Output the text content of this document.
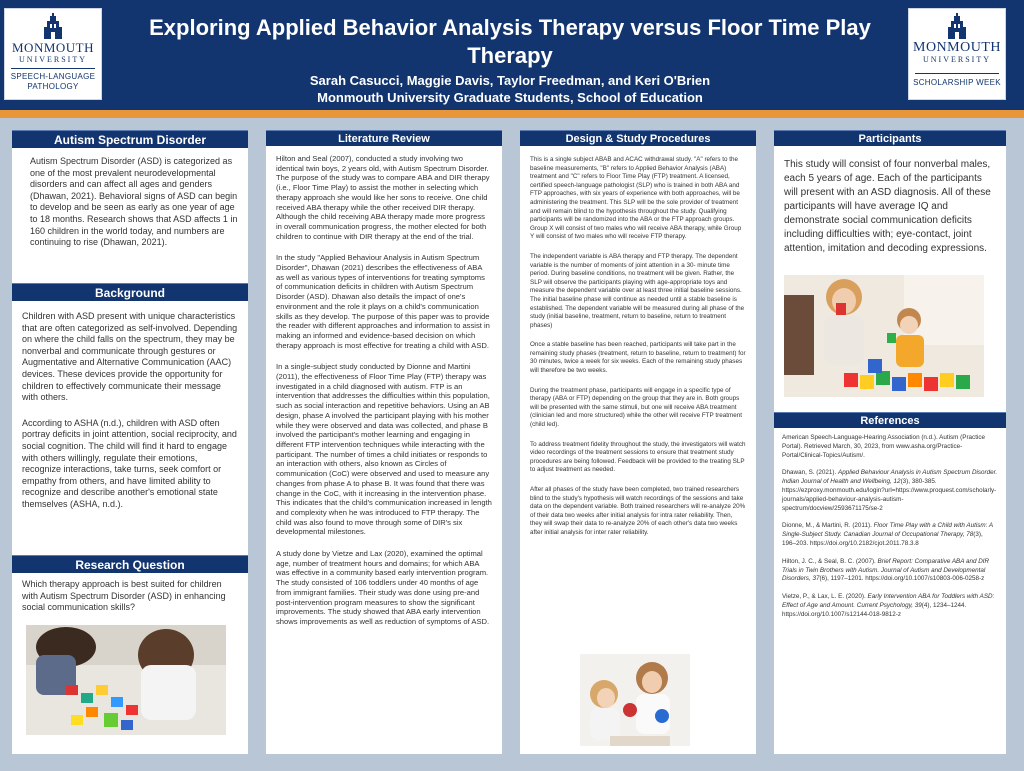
MONMOUTH
UNIVERSITY
SPEECH-LANGUAGE
PATHOLOGY
MONMOUTH
UNIVERSITY
SCHOLARSHIP WEEK
Exploring Applied Behavior Analysis Therapy versus Floor Time Play Therapy
Sarah Casucci, Maggie Davis, Taylor Freedman, and Keri O'Brien
Monmouth University Graduate Students, School of Education
Autism Spectrum Disorder
Autism Spectrum Disorder (ASD) is categorized as one of the most prevalent neurodevelopmental disorders and can affect all ages and genders (Dhawan, 2021). Behavioral signs of ASD can begin to develop and be seen as early as one year of age to 18 months. Research shows that ASD affects 1 in 160 children in the world today, and numbers are continuing to rise (Dhawan, 2021).
Background

Children with ASD present with unique characteristics that are often categorized as self-involved. Depending on where the child falls on the spectrum, they may be nonverbal and communicate through gestures or Augmentative and Alternative Communication (AAC) devices. These devices provide the opportunity for children to effectively communicate their message with others.

According to ASHA (n.d.), children with ASD often portray deficits in joint attention, social reciprocity, and social cognition. The child will find it hard to engage with others willingly, regulate their emotions, recognize interactions, take turns, seek comfort or empathy from others, and have limited ability to recognize and describe another's emotional state themselves (ASHA, n.d.).

Research Question
Which therapy approach is best suited for children with Autism Spectrum Disorder (ASD) in enhancing social communication skills?
Literature Review

Hilton and Seal (2007), conducted a study involving two identical twin boys, 2 years old, with Autism Spectrum Disorder. The purpose of the study was to compare ABA and DIR therapy (i.e., Floor Time Play) to assist the mother in selecting which therapy approach she would like her sons to receive. One child received ABA therapy while the other received DIR therapy. Although the child receiving ABA therapy made more progress in overall communication progress, the mother elected for both children to continue with DIR therapy at the end of the trial.

In the study "Applied Behaviour Analysis in Autism Spectrum Disorder", Dhawan (2021) describes the effectiveness of ABA as well as various types of interventions for treating symptoms of communication deficits in children with Autism Spectrum Disorder (ASD). Dhawan also details the impact of one's environment and the role it plays on a child's communication skills as they develop. The purpose of this paper was to provide the reader with different approaches and information to assist in making an informed and evidence-based decision on which therapy approach is most effective for treating a child with ASD.

In a single-subject study conducted by Dionne and Martini (2011), the effectiveness of Floor Time Play (FTP) therapy was investigated in a child diagnosed with autism. FTP is an intervention that addresses the difficulties within this population, such as social interaction and repetitive behaviors. Using an AB design, phase A involved the participant playing with his mother while they were observed and data was collected, and phase B involved the participant's mother learning and engaging in different FTP intervention techniques while interacting with the participant. The number of times a child initiates or responds to an interaction with others, also known as Circles of communication (CoC) were observed and used to measure any changes from phase A to phase B. It was found that there was change in the CoC, with it increasing in the intervention phase. This indicates that the child's communication increased in length and complexity when he was introduced to FTP therapy. The child was also found to move through some of DIR's six developmental milestones.

A study done by Vietze and Lax (2020), examined the optimal age, number of treatment hours and domains; for which ABA was effective in a community based early intervention program. The study consisted of 106 toddlers under 40 months of age from immigrant families. Their study was done using pre-and post-intervention program measures to show the significant improvements. The study showed that ABA early intervention shows improvements as well as reduction of symptoms of ASD.

Design & Study Procedures

This is a single subject ABAB and ACAC withdrawal study. "A" refers to the baseline measurements, "B" refers to Applied Behavior Analysis (ABA) treatment and "C" refers to Floor Time Play (FTP) treatment. A licensed, certified speech-language pathologist (SLP) who is trained in both ABA and FTP approaches, with six years of experience with both approaches, will be administering the treatment. This SLP will be the sole provider of treatment and will remain blind to the hypothesis throughout the study. Qualifying participants will be randomized into the ABA or the FTP approach groups. Group X will consist of two males who will receive ABA therapy, while Group Y will consist of two males who will receive FTP therapy.

The independent variable is ABA therapy and FTP therapy. The dependent variable is the number of moments of joint attention in a 30- minute time period. During baseline conditions, no treatment will be given. Rather, the SLP will observe the participants playing with age-appropriate toys and measure the dependent variable over at least three initial baseline sessions. The initial baseline phase will continue as needed until a stable baseline is established. The dependent variable will be measured during all phase of the study (initial baseline, treatment, return to baseline, return to treatment phases)

Once a stable baseline has been reached, participants will take part in the remaining study phases (treatment, return to baseline, return to treatment) for 30 minutes, twice a week for six weeks. Each of the remaining study phases will therefore be two weeks.

During the treatment phase, participants will engage in a specific type of therapy (ABA or FTP) depending on the group that they are in. Both groups will be presented with the same stimuli, but one will receive ABA treatment (clinician led and more structured) while the other will receive FTP treatment (child led).

To address treatment fidelity throughout the study, the investigators will watch video recordings of the treatment sessions to ensure that treatment study procedures are being followed. Feedback will be provided to the treating SLP to adjust treatment as needed.

After all phases of the study have been completed, two trained researchers blind to the study's hypothesis will watch recordings of the sessions and take data on the dependent variable. Both trained researchers will re-analyze 20% of their data two weeks after initial analysis for intra rater reliability. Then, they will swap their data to re-analyze 20% of each other's data two weeks after initial analysis for inter rater reliability.

Participants
This study will consist of four nonverbal males, each 5 years of age. Each of the participants will present with an ASD diagnosis. All of these participants will have average IQ and demonstrate social communication deficits including difficulties with; eye-contact, joint attention, imitation and decoding expressions.
References

American Speech-Language-Hearing Association (n.d.). Autism (Practice Portal). Retrieved March, 30, 2023, from www.asha.org/Practice-Portal/Clinical-Topics/Autism/.

Dhawan, S. (2021). Applied Behaviour Analysis in Autism Spectrum Disorder. Indian Journal of Health and Wellbeing, 12(3), 380-385. https://ezproxy.monmouth.edu/login?url=https://www.proquest.com/scholarly-journals/applied-behaviour-analysis-autism-spectrum/docview/2593671175/se-2

Dionne, M., & Martini, R. (2011). Floor Time Play with a Child with Autism: A Single-Subject Study. Canadian Journal of Occupational Therapy, 78(3), 196–203. https://doi.org/10.2182/cjot.2011.78.3.8

Hilton, J. C., & Seal, B. C. (2007). Brief Report: Comparative ABA and DIR Trials in Twin Brothers with Autism. Journal of Autism and Developmental Disorders, 37(6), 1197–1201. https://doi.org/10.1007/s10803-006-0258-z

Vietze, P., & Lax, L. E. (2020). Early Intervention ABA for Toddlers with ASD: Effect of Age and Amount. Current Psychology, 39(4), 1234–1244. https://doi.org/10.1007/s12144-018-9812-z
